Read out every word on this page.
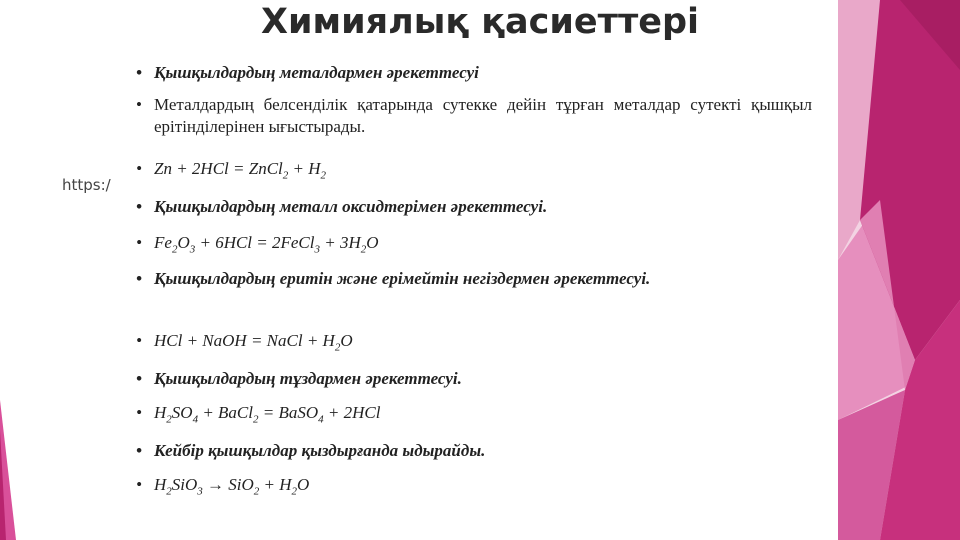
Химиялық қасиеттері
https:/
• Қышқылдардың металдармен әрекеттесуі
• Металдардың белсенділік қатарында сутекке дейін тұрған металдар сутекті қышқыл ерітінділерінен ығыстырады.
• Zn + 2HCl = ZnCl$_2$ + $H_2$
• Қышқылдардың металл оксидтерімен әрекеттесуі.
• $Fe_2O_3 + 6HCl$ = 2FeCl$_3$ + $3H_2O$
• Қышқылдардың еритін және ерімейтін негіздермен әрекеттесуі.
• HCl + NaOH = NaCl + $H_2O$
• Қышқылдардың тұздармен әрекеттесуі.
• $H_2SO_4$ + BaCl$_2$ = BaSO$_4$ + 2HCl
• Кейбір қышқылдар қыздырғанда ыдырайды.
• $H_2SiO_3 \to SiO_2 + H_2O$
